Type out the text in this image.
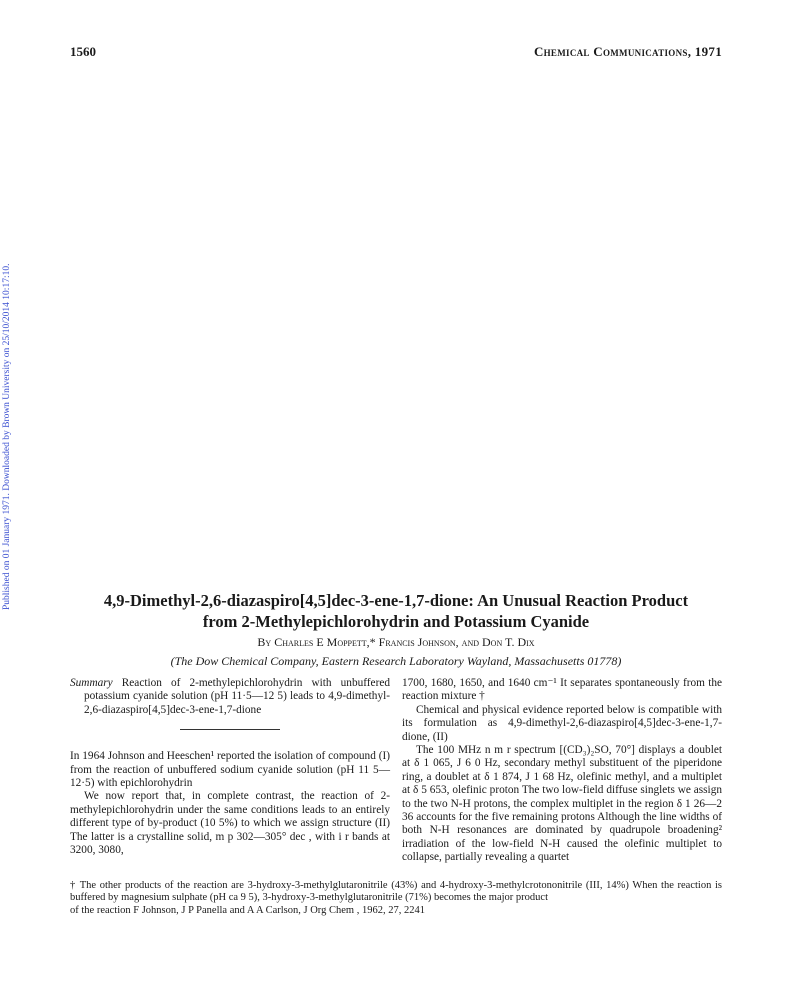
1560	Chemical Communications, 1971
Published on 01 January 1971. Downloaded by Brown University on 25/10/2014 10:17:10.	4,9-Dimethyl-2,6-diazaspiro[4,5]dec-3-ene-1,7-dione: An Unusual Reaction Product
from 2-Methylepichlorohydrin and Potassium Cyanide
By Charles E Moppett,* Francis Johnson, and Don T. Dix
(The Dow Chemical Company, Eastern Research Laboratory Wayland, Massachusetts 01778)

Summary Reaction of 2-methylepichlorohydrin with unbuffered potassium cyanide solution (pH 11·5—12 5) leads to 4,9-dimethyl-2,6-diazaspiro[4,5]dec-3-ene-1,7-dione

In 1964 Johnson and Heeschen¹ reported the isolation of compound (I) from the reaction of unbuffered sodium cyanide solution (pH 11 5—12·5) with epichlorohydrin

We now report that, in complete contrast, the reaction of 2-methylepichlorohydrin under the same conditions leads to an entirely different type of by-product (10 5%) to which we assign structure (II) The latter is a crystalline solid, m p 302—305° dec , with i r bands at 3200, 3080,

1700, 1680, 1650, and 1640 cm⁻¹ It separates spontaneously from the reaction mixture †

Chemical and physical evidence reported below is compatible with its formulation as 4,9-dimethyl-2,6-diazaspiro[4,5]dec-3-ene-1,7-dione, (II)

The 100 MHz n m r spectrum [(CD₃)₂SO, 70°] displays a doublet at δ 1 065, J 6 0 Hz, secondary methyl substituent of the piperidone ring, a doublet at δ 1 874, J 1 68 Hz, olefinic methyl, and a multiplet at δ 5 653, olefinic proton The two low-field diffuse singlets we assign to the two N-H protons, the complex multiplet in the region δ 1 26—2 36 accounts for the five remaining protons Although the line widths of both N-H resonances are dominated by quadrupole broadening² irradiation of the low-field N-H caused the olefinic multiplet to collapse, partially revealing a quartet

† The other products of the reaction are 3-hydroxy-3-methylglutaronitrile (43%) and 4-hydroxy-3-methylcrotononitrile (III, 14%) When the reaction is buffered by magnesium sulphate (pH ca 9 5), 3-hydroxy-3-methylglutaronitrile (71%) becomes the major product

of the reaction F Johnson, J P Panella and A A Carlson, J Org Chem , 1962, 27, 2241
